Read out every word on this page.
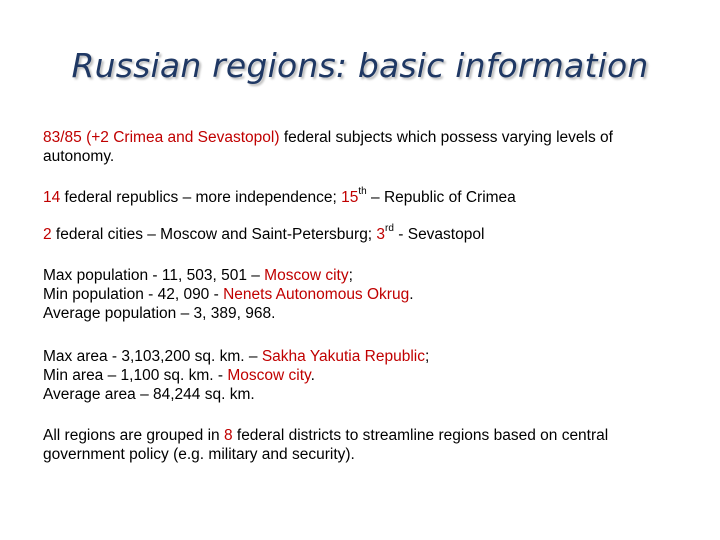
Russian regions: basic information

83/85 (+2 Crimea and Sevastopol) federal subjects which possess varying levels of autonomy.

14 federal republics – more independence; 15th – Republic of Crimea

2 federal cities – Moscow and Saint-Petersburg; 3rd - Sevastopol

Max population - 11, 503, 501 – Moscow city;
Min population - 42, 090 - Nenets Autonomous Okrug.
Average population – 3, 389, 968.
Max area - 3,103,200 sq. km. – Sakha Yakutia Republic;
Min area – 1,100 sq. km. - Moscow city.
Average area – 84,244 sq. km.

All regions are grouped in 8 federal districts to streamline regions based on central government policy (e.g. military and security).
